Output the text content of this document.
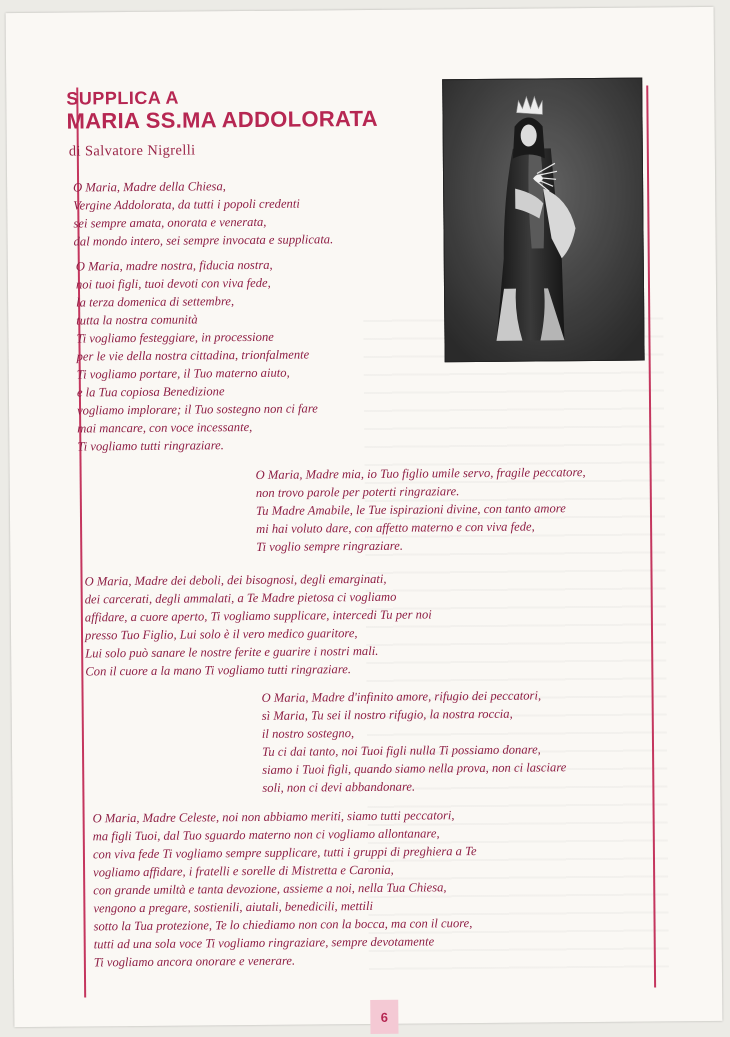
SUPPLICA A
MARIA SS.MA ADDOLORATA
di Salvatore Nigrelli
O Maria, Madre della Chiesa,
Vergine Addolorata, da tutti i popoli credenti
sei sempre amata, onorata e venerata,
dal mondo intero, sei sempre invocata e supplicata.
O Maria, madre nostra, fiducia nostra,
noi tuoi figli, tuoi devoti con viva fede,
la terza domenica di settembre,
tutta la nostra comunità
Ti vogliamo festeggiare, in processione
per le vie della nostra cittadina, trionfalmente
Ti vogliamo portare, il Tuo materno aiuto,
e la Tua copiosa Benedizione
vogliamo implorare; il Tuo sostegno non ci fare
mai mancare, con voce incessante,
Ti vogliamo tutti ringraziare.
O Maria, Madre mia, io Tuo figlio umile servo, fragile peccatore,
non trovo parole per poterti ringraziare.
Tu Madre Amabile, le Tue ispirazioni divine, con tanto amore
mi hai voluto dare, con affetto materno e con viva fede,
Ti voglio sempre ringraziare.
O Maria, Madre dei deboli, dei bisognosi, degli emarginati,
dei carcerati, degli ammalati, a Te Madre pietosa ci vogliamo
affidare, a cuore aperto, Ti vogliamo supplicare, intercedi Tu per noi
presso Tuo Figlio, Lui solo è il vero medico guaritore,
Lui solo può sanare le nostre ferite e guarire i nostri mali.
Con il cuore a la mano Ti vogliamo tutti ringraziare.
O Maria, Madre d'infinito amore, rifugio dei peccatori,
sì Maria, Tu sei il nostro rifugio, la nostra roccia,
il nostro sostegno,
Tu ci dai tanto, noi Tuoi figli nulla Ti possiamo donare,
siamo i Tuoi figli, quando siamo nella prova, non ci lasciare
soli, non ci devi abbandonare.
O Maria, Madre Celeste, noi non abbiamo meriti, siamo tutti peccatori,
ma figli Tuoi, dal Tuo sguardo materno non ci vogliamo allontanare,
con viva fede Ti vogliamo sempre supplicare, tutti i gruppi di preghiera a Te
vogliamo affidare, i fratelli e sorelle di Mistretta e Caronia,
con grande umiltà e tanta devozione, assieme a noi, nella Tua Chiesa,
vengono a pregare, sostienili, aiutali, benedicili, mettili
sotto la Tua protezione, Te lo chiediamo non con la bocca, ma con il cuore,
tutti ad una sola voce Ti vogliamo ringraziare, sempre devotamente
Ti vogliamo ancora onorare e venerare.
6
